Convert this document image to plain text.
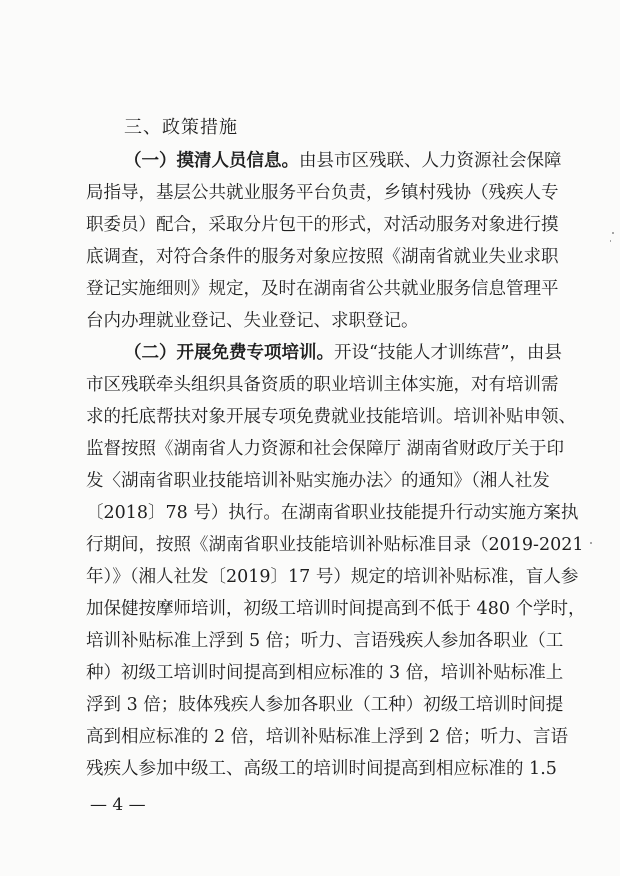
三、政策措施
（一）摸清人员信息。由县市区残联、人力资源社会保障
局指导，基层公共就业服务平台负责，乡镇村残协（残疾人专
职委员）配合，采取分片包干的形式，对活动服务对象进行摸
底调查，对符合条件的服务对象应按照《湖南省就业失业求职
登记实施细则》规定，及时在湖南省公共就业服务信息管理平
台内办理就业登记、失业登记、求职登记。
（二）开展免费专项培训。开设“技能人才训练营”，由县
市区残联牵头组织具备资质的职业培训主体实施，对有培训需
求的托底帮扶对象开展专项免费就业技能培训。培训补贴申领、
监督按照《湖南省人力资源和社会保障厅 湖南省财政厅关于印
发〈湖南省职业技能培训补贴实施办法〉的通知》（湘人社发
〔2018〕78 号）执行。在湖南省职业技能提升行动实施方案执
行期间，按照《湖南省职业技能培训补贴标准目录（2019-2021
年）》（湘人社发〔2019〕17 号）规定的培训补贴标准，盲人参
加保健按摩师培训，初级工培训时间提高到不低于 480 个学时，
培训补贴标准上浮到 5 倍；听力、言语残疾人参加各职业（工
种）初级工培训时间提高到相应标准的 3 倍，培训补贴标准上
浮到 3 倍；肢体残疾人参加各职业（工种）初级工培训时间提
高到相应标准的 2 倍，培训补贴标准上浮到 2 倍；听力、言语
残疾人参加中级工、高级工的培训时间提高到相应标准的 1.5
— 4 —
